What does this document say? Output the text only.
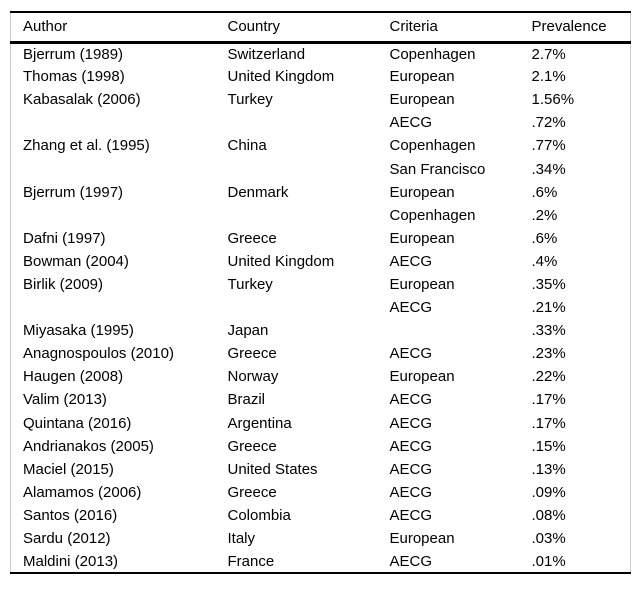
Author	Country	Criteria	Prevalence
Bjerrum (1989)	Switzerland	Copenhagen	2.7%
Thomas (1998)	United Kingdom	European	2.1%
Kabasalak (2006)	Turkey	European	1.56%
		AECG	.72%
Zhang et al. (1995)	China	Copenhagen	.77%
		San Francisco	.34%
Bjerrum (1997)	Denmark	European	.6%
		Copenhagen	.2%
Dafni (1997)	Greece	European	.6%
Bowman (2004)	United Kingdom	AECG	.4%
Birlik (2009)	Turkey	European	.35%
		AECG	.21%
Miyasaka (1995)	Japan		.33%
Anagnospoulos (2010)	Greece	AECG	.23%
Haugen (2008)	Norway	European	.22%
Valim (2013)	Brazil	AECG	.17%
Quintana (2016)	Argentina	AECG	.17%
Andrianakos (2005)	Greece	AECG	.15%
Maciel (2015)	United States	AECG	.13%
Alamamos (2006)	Greece	AECG	.09%
Santos (2016)	Colombia	AECG	.08%
Sardu (2012)	Italy	European	.03%
Maldini (2013)	France	AECG	.01%
